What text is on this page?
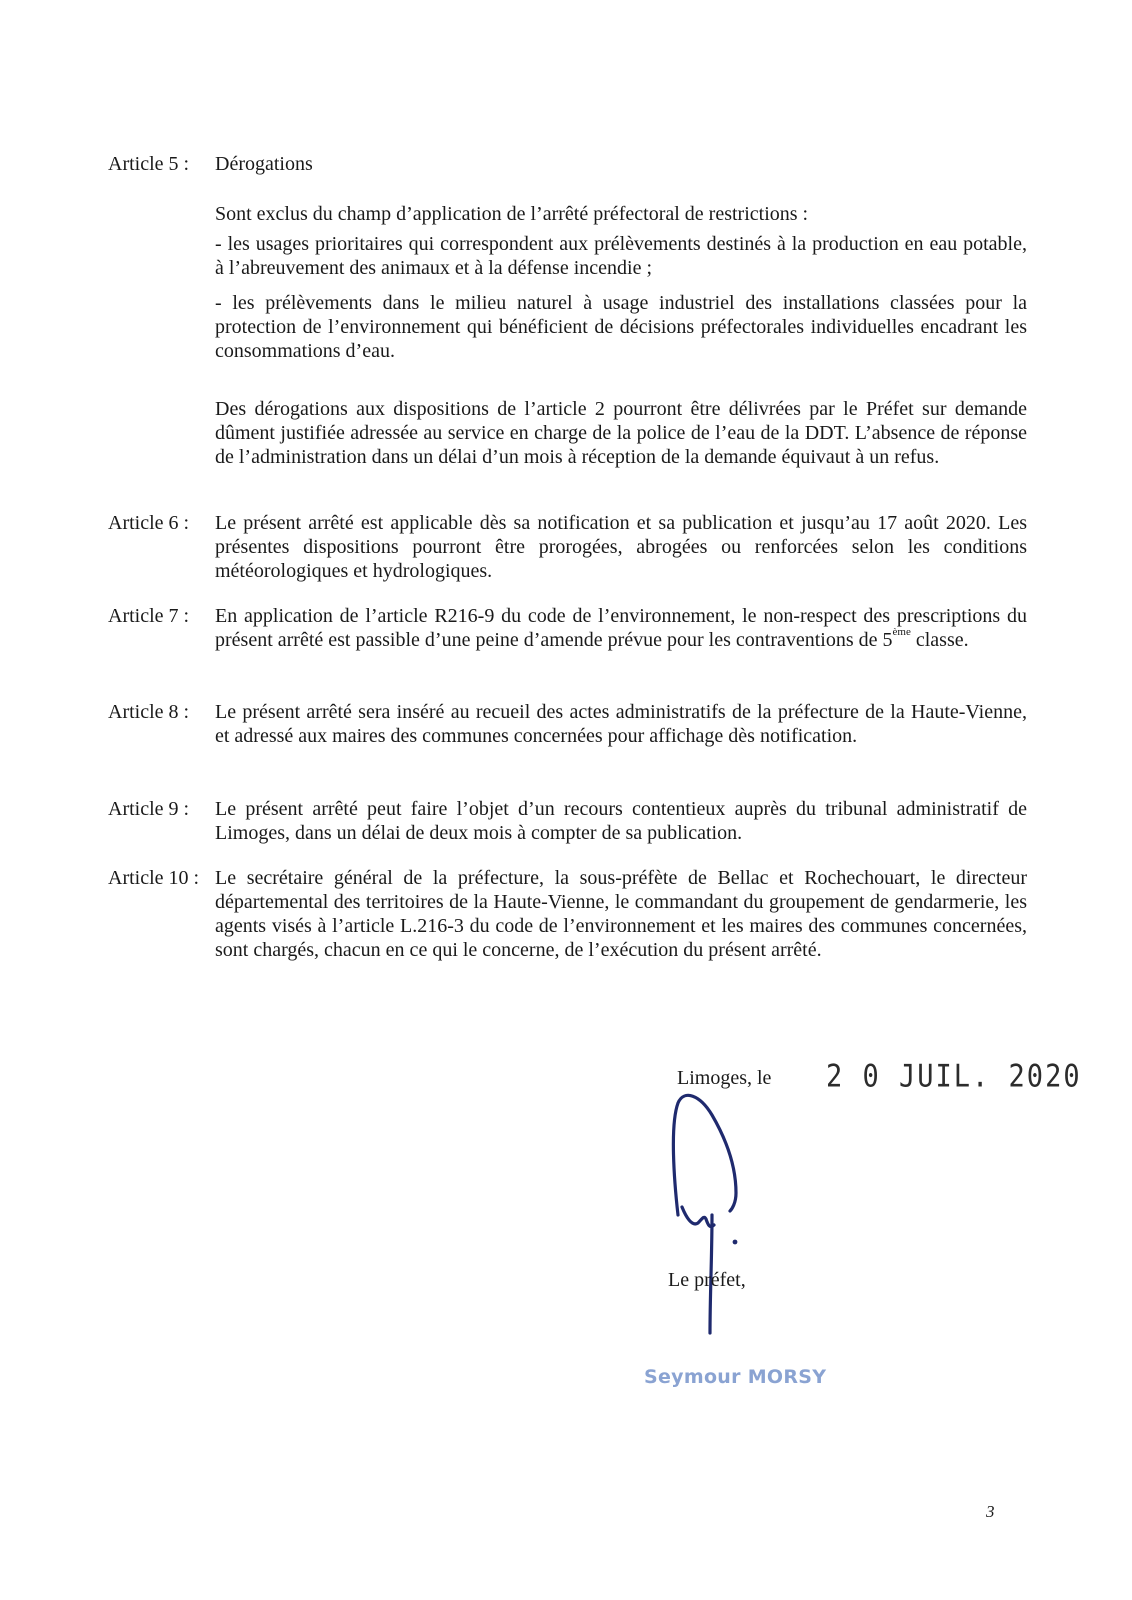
Article 5 : Dérogations

Sont exclus du champ d’application de l’arrêté préfectoral de restrictions :

- les usages prioritaires qui correspondent aux prélèvements destinés à la production en eau potable, à l’abreuvement des animaux et à la défense incendie ;

- les prélèvements dans le milieu naturel à usage industriel des installations classées pour la protection de l’environnement qui bénéficient de décisions préfectorales individuelles encadrant les consommations d’eau.

Des dérogations aux dispositions de l’article 2 pourront être délivrées par le Préfet sur demande dûment justifiée adressée au service en charge de la police de l’eau de la DDT. L’absence de réponse de l’administration dans un délai d’un mois à réception de la demande équivaut à un refus.

Article 6 : Le présent arrêté est applicable dès sa notification et sa publication et jusqu’au 17 août 2020. Les présentes dispositions pourront être prorogées, abrogées ou renforcées selon les conditions météorologiques et hydrologiques.

Article 7 : En application de l’article R216-9 du code de l’environnement, le non-respect des prescriptions du présent arrêté est passible d’une peine d’amende prévue pour les contraventions de 5ème classe.

Article 8 : Le présent arrêté sera inséré au recueil des actes administratifs de la préfecture de la Haute-Vienne, et adressé aux maires des communes concernées pour affichage dès notification.

Article 9 : Le présent arrêté peut faire l’objet d’un recours contentieux auprès du tribunal administratif de Limoges, dans un délai de deux mois à compter de sa publication.

Article 10 : Le secrétaire général de la préfecture, la sous-préfète de Bellac et Rochechouart, le directeur départemental des territoires de la Haute-Vienne, le commandant du groupement de gendarmerie, les agents visés à l’article L.216-3 du code de l’environnement et les maires des communes concernées, sont chargés, chacun en ce qui le concerne, de l’exécution du présent arrêté.

Limoges, le 2 0 JUIL. 2020
Le préfet,
Seymour MORSY
3
